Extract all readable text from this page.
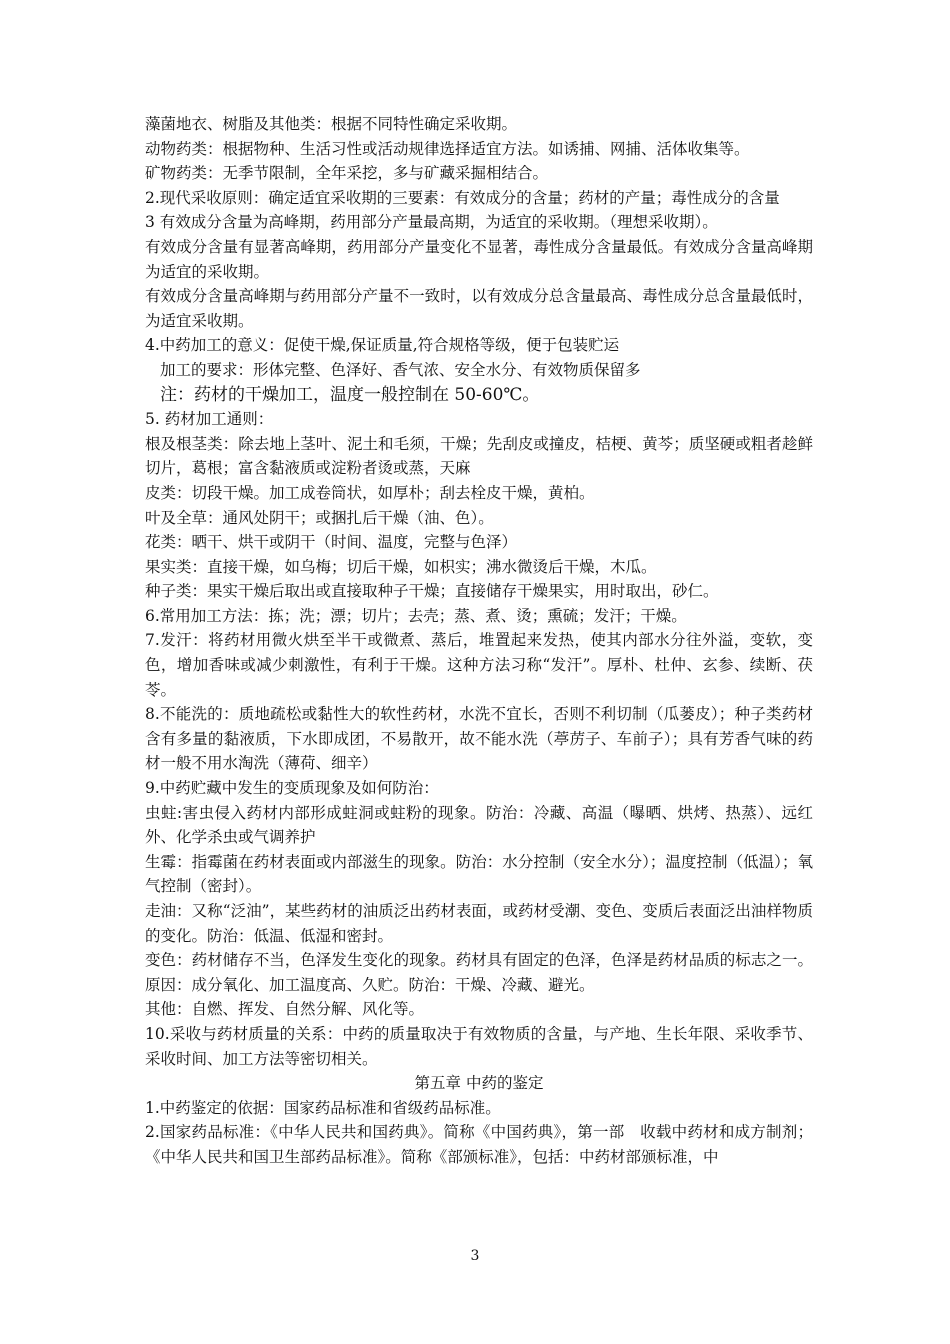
藻菌地衣、树脂及其他类：根据不同特性确定采收期。

动物药类：根据物种、生活习性或活动规律选择适宜方法。如诱捕、网捕、活体收集等。

矿物药类：无季节限制，全年采挖，多与矿藏采掘相结合。

2.现代采收原则：确定适宜采收期的三要素：有效成分的含量；药材的产量；毒性成分的含量

3 有效成分含量为高峰期，药用部分产量最高期，为适宜的采收期。（理想采收期）。

有效成分含量有显著高峰期，药用部分产量变化不显著，毒性成分含量最低。有效成分含量高峰期为适宜的采收期。

有效成分含量高峰期与药用部分产量不一致时，以有效成分总含量最高、毒性成分总含量最低时，为适宜采收期。

4.中药加工的意义：促使干燥,保证质量,符合规格等级，便于包装贮运

加工的要求：形体完整、色泽好、香气浓、安全水分、有效物质保留多

注：药材的干燥加工，温度一般控制在 50-60℃。

5. 药材加工通则：

根及根茎类：除去地上茎叶、泥土和毛须，干燥；先刮皮或撞皮，桔梗、黄芩；质坚硬或粗者趁鲜切片，葛根；富含黏液质或淀粉者烫或蒸，天麻

皮类：切段干燥。加工成卷筒状，如厚朴；刮去栓皮干燥，黄柏。

叶及全草：通风处阴干；或捆扎后干燥（油、色）。

花类：晒干、烘干或阴干（时间、温度，完整与色泽）

果实类：直接干燥，如乌梅；切后干燥，如枳实；沸水微烫后干燥，木瓜。

种子类：果实干燥后取出或直接取种子干燥；直接储存干燥果实，用时取出，砂仁。

6.常用加工方法：拣；洗；漂；切片；去壳；蒸、煮、烫；熏硫；发汗；干燥。

7.发汗：将药材用微火烘至半干或微煮、蒸后，堆置起来发热，使其内部水分往外溢，变软，变色，增加香味或减少刺激性，有利于干燥。这种方法习称“发汗”。厚朴、杜仲、玄参、续断、茯苓。

8.不能洗的：质地疏松或黏性大的软性药材，水洗不宜长，否则不利切制（瓜蒌皮）；种子类药材含有多量的黏液质，下水即成团，不易散开，故不能水洗（葶苈子、车前子）；具有芳香气味的药材一般不用水淘洗（薄荷、细辛）

9.中药贮藏中发生的变质现象及如何防治：

虫蛀:害虫侵入药材内部形成蛀洞或蛀粉的现象。防治：冷藏、高温（曝晒、烘烤、热蒸）、远红外、化学杀虫或气调养护

生霉：指霉菌在药材表面或内部滋生的现象。防治：水分控制（安全水分）；温度控制（低温）；氧气控制（密封）。

走油：又称“泛油”，某些药材的油质泛出药材表面，或药材受潮、变色、变质后表面泛出油样物质的变化。防治：低温、低湿和密封。

变色：药材储存不当，色泽发生变化的现象。药材具有固定的色泽，色泽是药材品质的标志之一。原因：成分氧化、加工温度高、久贮。防治：干燥、冷藏、避光。

其他：自燃、挥发、自然分解、风化等。

10.采收与药材质量的关系：中药的质量取决于有效物质的含量，与产地、生长年限、采收季节、采收时间、加工方法等密切相关。

第五章 中药的鉴定

1.中药鉴定的依据：国家药品标准和省级药品标准。

2.国家药品标准：《中华人民共和国药典》。简称《中国药典》，第一部　收载中药材和成方制剂；《中华人民共和国卫生部药品标准》。简称《部颁标准》，包括：中药材部颁标准，中

3
